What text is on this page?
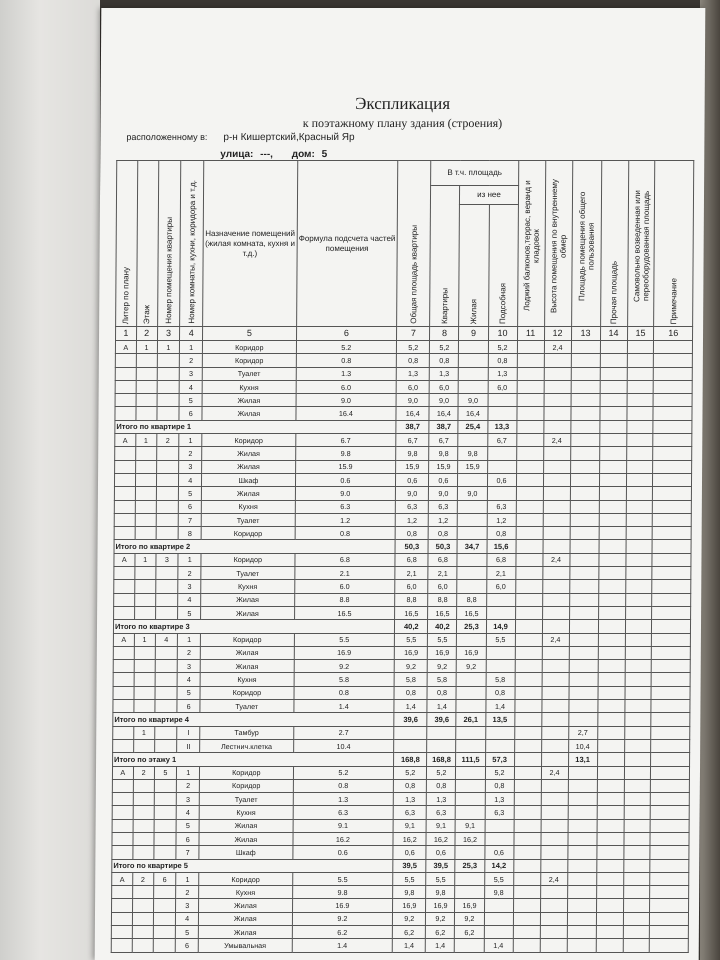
Экспликация
к поэтажному плану здания (строения)
расположенному в: р-н Кишертский,Красный Яр
улица: ---, дом: 5
Литер по плану	Этаж	Номер помещения квартиры	Номер комнаты, кухни, коридора и т.д.	Назначение помещений (жилая комната, кухня и т.д.)	Формула подсчета частей помещения	Общая площадь квартиры	В т.ч. площадь			Лоджий балконов,террас, веранд и кладовок	Высота помещения по внутреннему обмер	Площадь помещения общего пользования	Прочая площадь	Самовольно возведенная или переоборудованная площадь	Примечание

							Квартиры	из нее							

								Жилая	Подсобная						

1	2	3	4	5	6	7	8	9	10	11	12	13	14	15	16
А	1	1	1	Коридор	5.2	5,2	5,2		5,2		2,4				
			2	Коридор	0.8	0,8	0,8		0,8						
			3	Туалет	1.3	1,3	1,3		1,3						
			4	Кухня	6.0	6,0	6,0		6,0						
			5	Жилая	9.0	9,0	9,0	9,0							
			6	Жилая	16.4	16,4	16,4	16,4							
Итого по квартире 1						38,7	38,7	25,4	13,3						
А	1	2	1	Коридор	6.7	6,7	6,7		6,7		2,4				
			2	Жилая	9.8	9,8	9,8	9,8							
			3	Жилая	15.9	15,9	15,9	15,9							
			4	Шкаф	0.6	0,6	0,6		0,6						
			5	Жилая	9.0	9,0	9,0	9,0							
			6	Кухня	6.3	6,3	6,3		6,3						
			7	Туалет	1.2	1,2	1,2		1,2						
			8	Коридор	0.8	0,8	0,8		0,8						
Итого по квартире 2						50,3	50,3	34,7	15,6						
А	1	3	1	Коридор	6.8	6,8	6,8		6,8		2,4				
			2	Туалет	2.1	2,1	2,1		2,1						
			3	Кухня	6.0	6,0	6,0		6,0						
			4	Жилая	8.8	8,8	8,8	8,8							
			5	Жилая	16.5	16,5	16,5	16,5							
Итого по квартире 3						40,2	40,2	25,3	14,9						
А	1	4	1	Коридор	5.5	5,5	5,5		5,5		2,4				
			2	Жилая	16.9	16,9	16,9	16,9							
			3	Жилая	9.2	9,2	9,2	9,2							
			4	Кухня	5.8	5,8	5,8		5,8						
			5	Коридор	0.8	0,8	0,8		0,8						
			6	Туалет	1.4	1,4	1,4		1,4						
Итого по квартире 4						39,6	39,6	26,1	13,5						
	1		I	Тамбур	2.7							2,7			
			II	Лестнич.клетка	10.4							10,4			
Итого по этажу 1						168,8	168,8	111,5	57,3			13,1			
А	2	5	1	Коридор	5.2	5,2	5,2		5,2		2,4				
			2	Коридор	0.8	0,8	0,8		0,8						
			3	Туалет	1.3	1,3	1,3		1,3						
			4	Кухня	6.3	6,3	6,3		6,3						
			5	Жилая	9.1	9,1	9,1	9,1							
			6	Жилая	16.2	16,2	16,2	16,2							
			7	Шкаф	0.6	0,6	0,6		0,6						
Итого по квартире 5						39,5	39,5	25,3	14,2						
А	2	6	1	Коридор	5.5	5,5	5,5		5,5		2,4				
			2	Кухня	9.8	9,8	9,8		9,8						
			3	Жилая	16.9	16,9	16,9	16,9							
			4	Жилая	9.2	9,2	9,2	9,2							
			5	Жилая	6.2	6,2	6,2	6,2							
			6	Умывальная	1.4	1,4	1,4		1,4						
